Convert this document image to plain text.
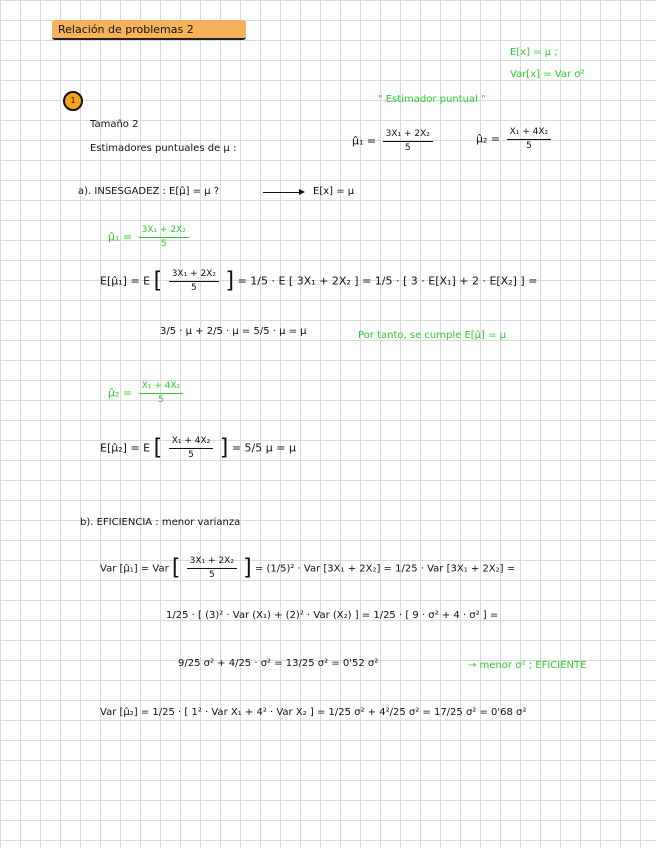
Relación de problemas 2
E[x] = μ ;
Var[x] = Var σ²
1	" Estimador puntual "
Tamaño 2
Estimadores puntuales de μ :
μ̂₁ = $\frac{\text{3X₁ + 2X₂}}{5}$	μ̂₂ = $\frac{\text{X₁ + 4X₂}}{5}$
a). INSESGADEZ : E[μ̂] = μ ?	E[x] = μ
μ̂₁ = $\frac{\text{3X₁ + 2X₂}}{5}$
E[μ̂₁] = E [ $\frac{\text{3X₁ + 2X₂}}{5}$ ] = 1/5 · E [ 3X₁ + 2X₂ ] = 1/5 · [ 3 · E[X₁] + 2 · E[X₂] ] =
3/5 · μ + 2/5 · μ = 5/5 · μ = μ	Por tanto, se cumple E[μ̂] = μ
μ̂₂ = $\frac{\text{X₁ + 4X₂}}{5}$
E[μ̂₂] = E [ $\frac{\text{X₁ + 4X₂}}{5}$ ] = 5/5 μ = μ
b). EFICIENCIA : menor varianza
Var [μ̂₁] = Var [ $\frac{\text{3X₁ + 2X₂}}{5}$ ] = (1/5)² · Var [3X₁ + 2X₂] = 1/25 · Var [3X₁ + 2X₂] =
1/25 · [ (3)² · Var (X₁) + (2)² · Var (X₂) ] = 1/25 · [ 9 · σ² + 4 · σ² ] =
9/25 σ² + 4/25 · σ² = 13/25 σ² = 0'52 σ²	→ menor σ² ; EFICIENTE
Var [μ̂₂] = 1/25 · [ 1² · Var X₁ + 4² · Var X₂ ] = 1/25 σ² + 4²/25 σ² = 17/25 σ² = 0'68 σ²
